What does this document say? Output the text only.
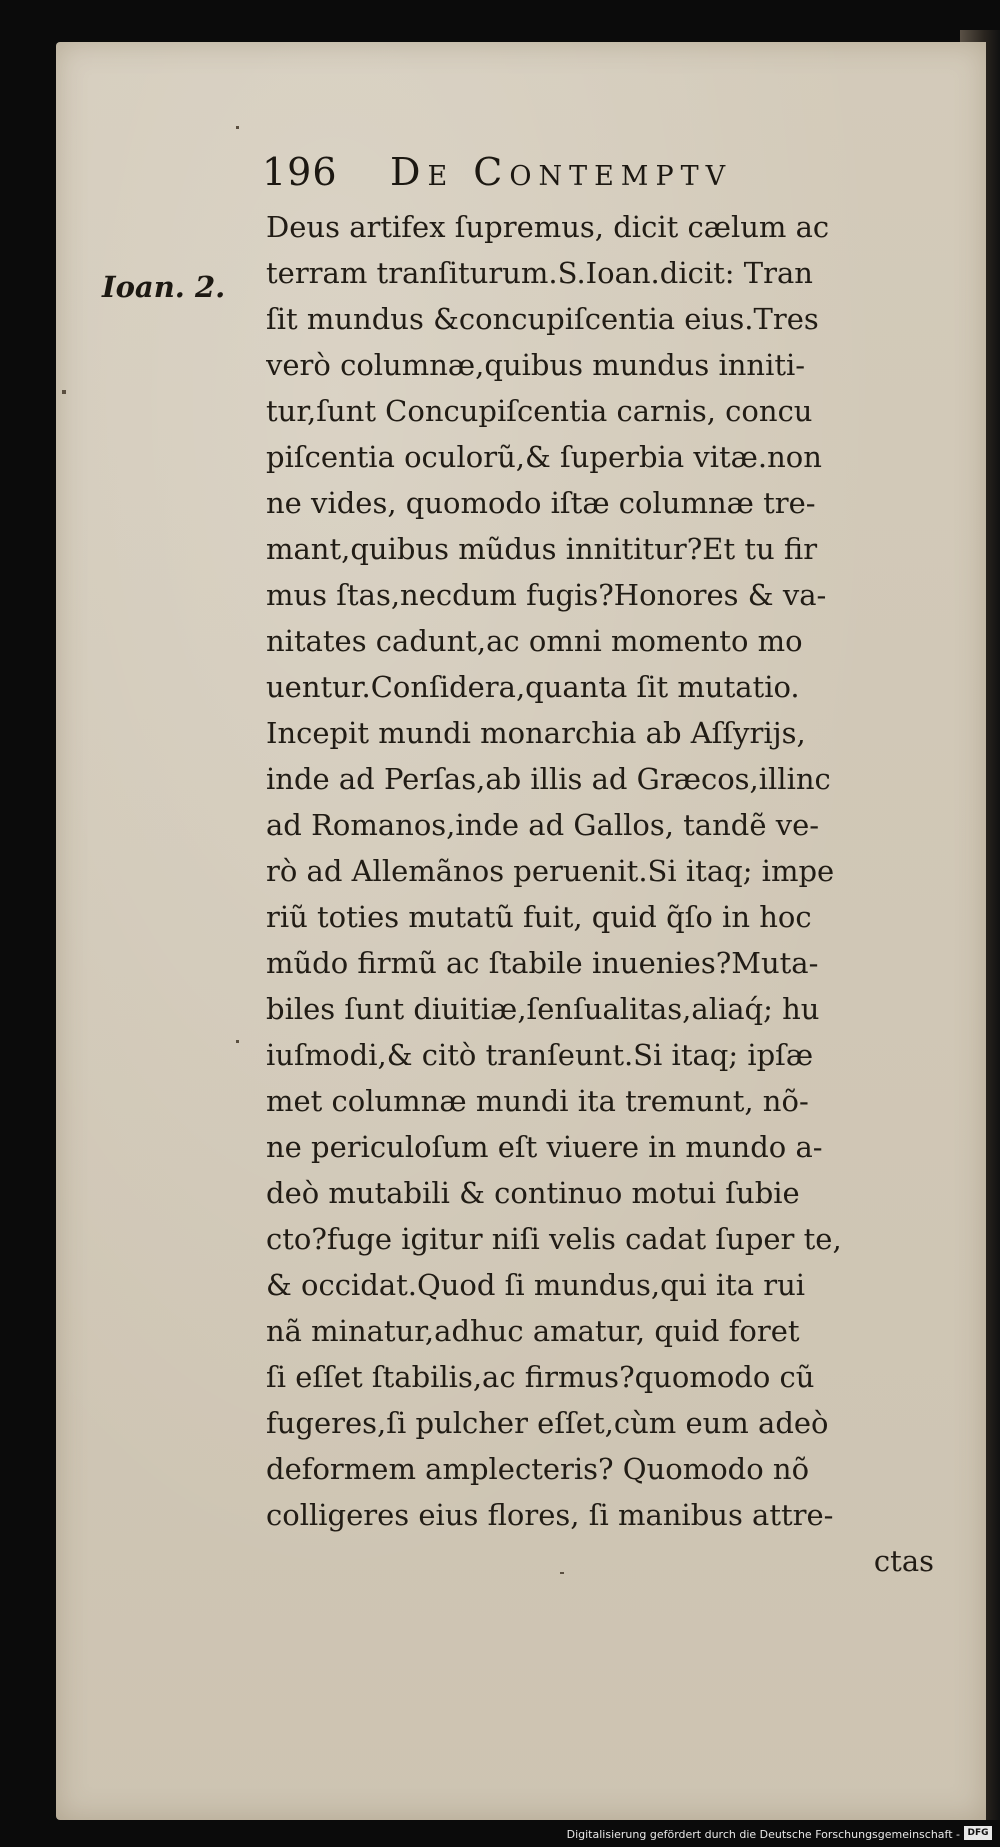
196 De Contemptv
Ioan. 2.
Deus artifex ſupremus, dicit cælum ac
terram tranſiturum.S.Ioan.dicit: Tran
ſit mundus &concupiſcentia eius.Tres
verò columnæ,quibus mundus inniti-
tur,ſunt Concupiſcentia carnis, concu
piſcentia oculorũ,& ſuperbia vitæ.non
ne vides, quomodo iſtæ columnæ tre-
mant,quibus mũdus innititur?Et tu fir
mus ſtas,necdum fugis?Honores & va-
nitates cadunt,ac omni momento mo
uentur.Conſidera,quanta ſit mutatio.
Incepit mundi monarchia ab Aſſyrijs,
inde ad Perſas,ab illis ad Græcos,illinc
ad Romanos,inde ad Gallos, tandẽ ve-
rò ad Allemãnos peruenit.Si itaq; impe
riũ toties mutatũ fuit, quid q̃ſo in hoc
mũdo firmũ ac ſtabile inuenies?Muta-
biles ſunt diuitiæ,ſenſualitas,aliaq́; hu
iuſmodi,& citò tranſeunt.Si itaq; ipſæ
met columnæ mundi ita tremunt, nõ-
ne periculoſum eſt viuere in mundo a-
deò mutabili & continuo motui ſubie
cto?fuge igitur niſi velis cadat ſuper te,
& occidat.Quod ſi mundus,qui ita rui
nã minatur,adhuc amatur, quid foret
ſi eſſet ſtabilis,ac firmus?quomodo cũ
fugeres,ſi pulcher eſſet,cùm eum adeò
deformem amplecteris? Quomodo nõ
colligeres eius flores, ſi manibus attre-
ctas
Digitalisierung gefördert durch die Deutsche Forschungsgemeinschaft - DFG
